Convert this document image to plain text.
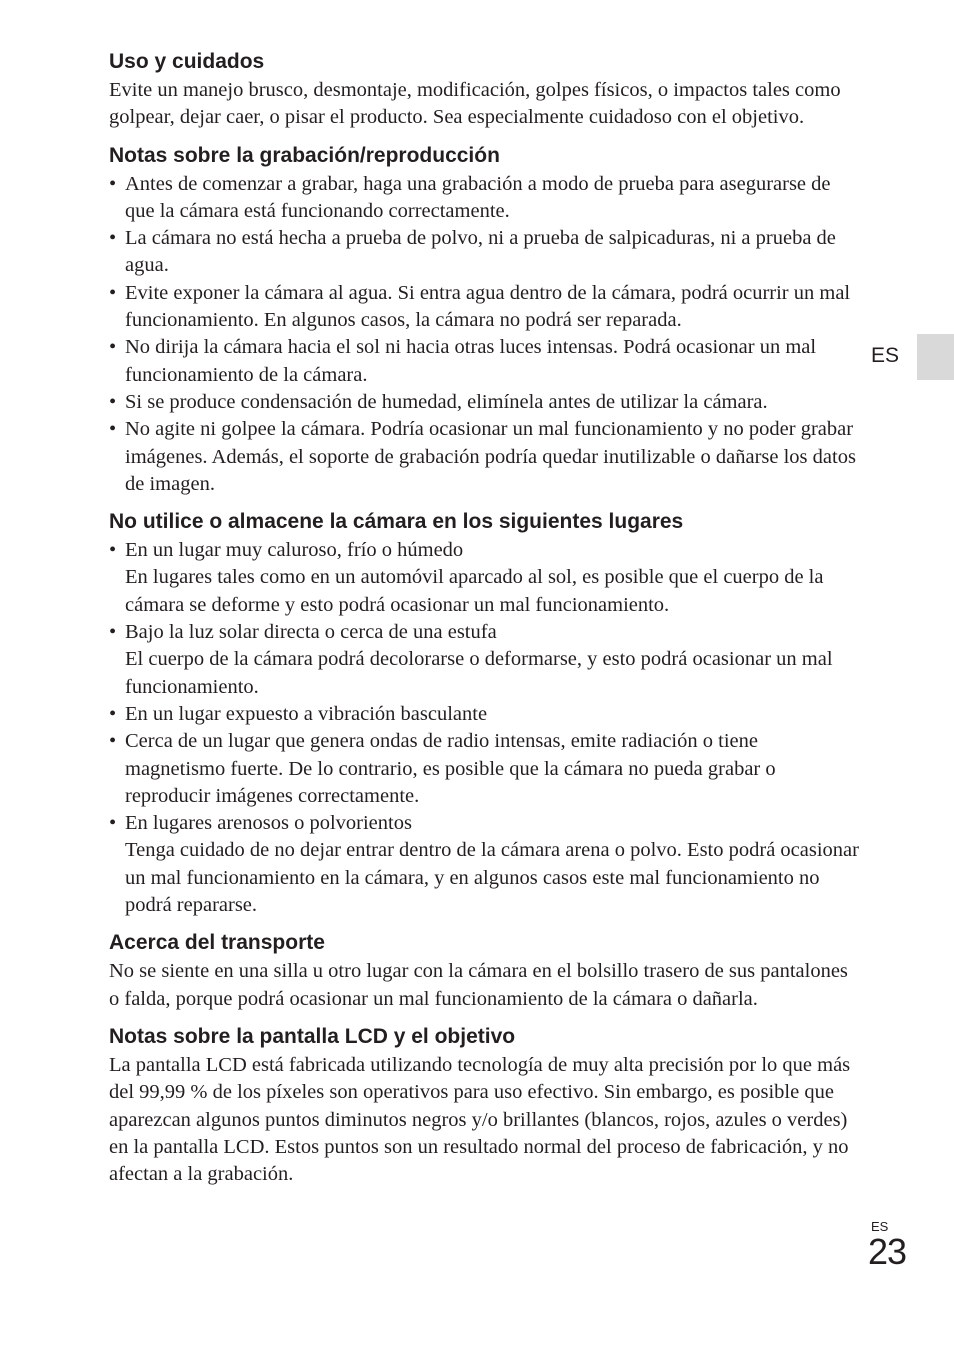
Uso y cuidados

Evite un manejo brusco, desmontaje, modificación, golpes físicos, o impactos tales como golpear, dejar caer, o pisar el producto. Sea especialmente cuidadoso con el objetivo.

Notas sobre la grabación/reproducción
• Antes de comenzar a grabar, haga una grabación a modo de prueba para asegurarse de que la cámara está funcionando correctamente.
• La cámara no está hecha a prueba de polvo, ni a prueba de salpicaduras, ni a prueba de agua.
• Evite exponer la cámara al agua. Si entra agua dentro de la cámara, podrá ocurrir un mal funcionamiento. En algunos casos, la cámara no podrá ser reparada.
• No dirija la cámara hacia el sol ni hacia otras luces intensas. Podrá ocasionar un mal funcionamiento de la cámara.
• Si se produce condensación de humedad, elimínela antes de utilizar la cámara.
• No agite ni golpee la cámara. Podría ocasionar un mal funcionamiento y no poder grabar imágenes. Además, el soporte de grabación podría quedar inutilizable o dañarse los datos de imagen.
No utilice o almacene la cámara en los siguientes lugares
• En un lugar muy caluroso, frío o húmedo
En lugares tales como en un automóvil aparcado al sol, es posible que el cuerpo de la cámara se deforme y esto podrá ocasionar un mal funcionamiento.
• Bajo la luz solar directa o cerca de una estufa
El cuerpo de la cámara podrá decolorarse o deformarse, y esto podrá ocasionar un mal funcionamiento.
• En un lugar expuesto a vibración basculante
• Cerca de un lugar que genera ondas de radio intensas, emite radiación o tiene magnetismo fuerte. De lo contrario, es posible que la cámara no pueda grabar o reproducir imágenes correctamente.
• En lugares arenosos o polvorientos
Tenga cuidado de no dejar entrar dentro de la cámara arena o polvo. Esto podrá ocasionar un mal funcionamiento en la cámara, y en algunos casos este mal funcionamiento no podrá repararse.
Acerca del transporte

No se siente en una silla u otro lugar con la cámara en el bolsillo trasero de sus pantalones o falda, porque podrá ocasionar un mal funcionamiento de la cámara o dañarla.

Notas sobre la pantalla LCD y el objetivo

La pantalla LCD está fabricada utilizando tecnología de muy alta precisión por lo que más del 99,99 % de los píxeles son operativos para uso efectivo. Sin embargo, es posible que aparezcan algunos puntos diminutos negros y/o brillantes (blancos, rojos, azules o verdes) en la pantalla LCD. Estos puntos son un resultado normal del proceso de fabricación, y no afectan a la grabación.

ES
ES
23
